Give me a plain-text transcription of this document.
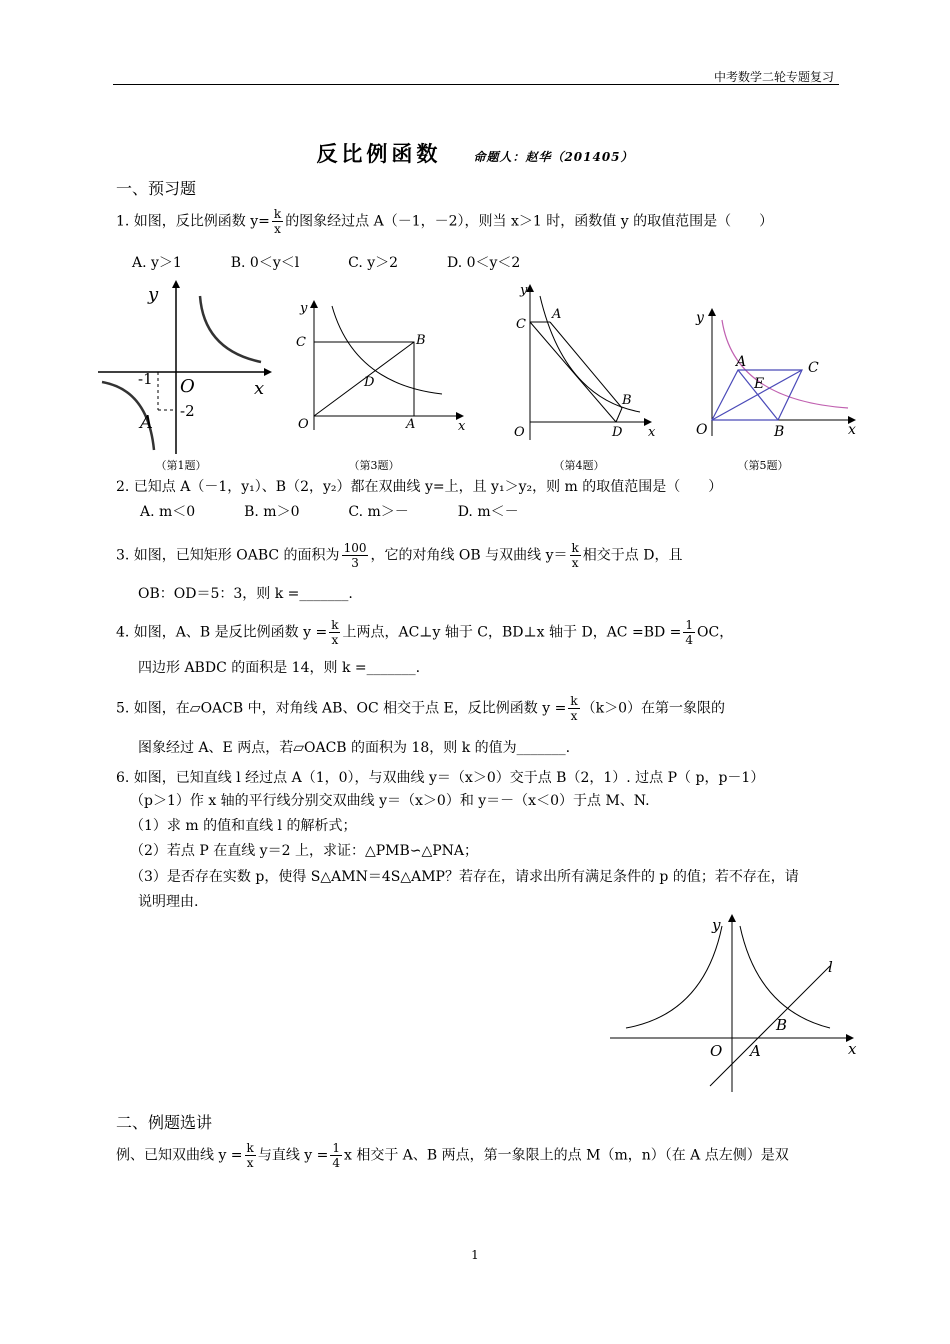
中考数学二轮专题复习
反比例函数	命题人：赵华（201405）
一、预习题
1. 如图，反比例函数 $y= \frac{k}{x}$ 的图象经过点 A（－1，－2），则当 x＞1 时，函数值 y 的取值范围是（　　）
A. y＞1	B. 0＜y＜l	C. y＞2	D. 0＜y＜2
y
x
O
-1
-2
A
（第1题）
y
x
O
C	B
D
A
（第3题）
y
x
O
C
A
B
D
（第4题）
y
x
O
A
E
C
B
（第5题）
2. 已知点 A（－1，y₁）、B（2，y₂）都在双曲线 y=上，且 y₁＞y₂，则 m 的取值范围是（　　）
A. m＜0	B. m＞0	C. m＞－	D. m＜－
3. 如图，已知矩形 OABC 的面积为 $\frac{100}{3}$ ，它的对角线 OB 与双曲线 $y= \frac{k}{x}$ 相交于点 D，且
OB：OD＝5：3，则 k =_______.
4. 如图，A、B 是反比例函数 $y = \frac{k}{x}$ 上两点，AC⊥y 轴于 C，BD⊥x 轴于 D，AC $=BD = \frac{1}{4}$ OC，
四边形 ABDC 的面积是 14，则 k =_______.
5. 如图，在▱OACB 中，对角线 AB、OC 相交于点 E，反比例函数 $y = \frac{k}{x} (k>0)$在第一象限的
图象经过 A、E 两点，若▱OACB 的面积为 18，则 k 的值为_______.
6. 如图，已知直线 l 经过点 A（1，0），与双曲线 y＝（x＞0）交于点 B（2，1）. 过点 P（ p，p－1）
（p＞1）作 x 轴的平行线分别交双曲线 y＝（x＞0）和 y＝－（x＜0）于点 M、N.
（1）求 m 的值和直线 l 的解析式；
（2）若点 P 在直线 y＝2 上，求证：△PMB∽△PNA；
（3）是否存在实数 p，使得 S△AMN＝4S△AMP？若存在，请求出所有满足条件的 p 的值；若不存在，请
说明理由.
y
x
O A
B
l
二、例题选讲
例、已知双曲线 $y = \frac{k}{x}$ 与直线 $y = \frac{1}{4}$ x 相交于 A、B 两点，第一象限上的点 M（m，n）（在 A 点左侧）是双
1
